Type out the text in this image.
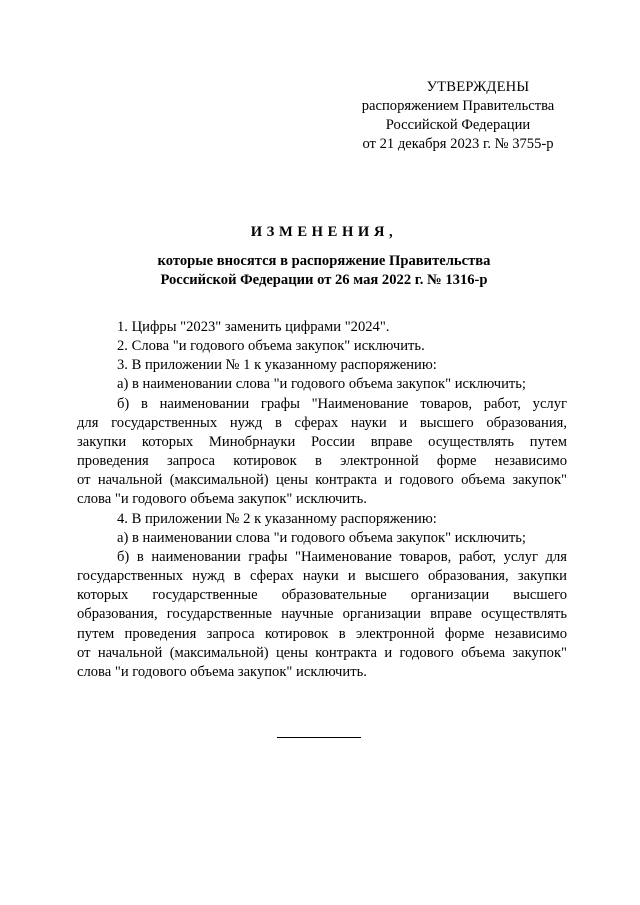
УТВЕРЖДЕНЫ
распоряжением Правительства
Российской Федерации
от 21 декабря 2023 г. № 3755-р
ИЗМЕНЕНИЯ,
которые вносятся в распоряжение Правительства
Российской Федерации от 26 мая 2022 г. № 1316-р

1. Цифры "2023" заменить цифрами "2024".

2. Слова "и годового объема закупок" исключить.

3. В приложении № 1 к указанному распоряжению:

а) в наименовании слова "и годового объема закупок" исключить;

б) в наименовании графы "Наименование товаров, работ, услуг
для государственных нужд в сферах науки и высшего образования,
закупки которых Минобрнауки России вправе осуществлять путем
проведения запроса котировок в электронной форме независимо
от начальной (максимальной) цены контракта и годового объема закупок"
слова "и годового объема закупок" исключить.

4. В приложении № 2 к указанному распоряжению:

а) в наименовании слова "и годового объема закупок" исключить;

б) в наименовании графы "Наименование товаров, работ, услуг для
государственных нужд в сферах науки и высшего образования, закупки
которых государственные образовательные организации высшего
образования, государственные научные организации вправе осуществлять
путем проведения запроса котировок в электронной форме независимо
от начальной (максимальной) цены контракта и годового объема закупок"
слова "и годового объема закупок" исключить.
